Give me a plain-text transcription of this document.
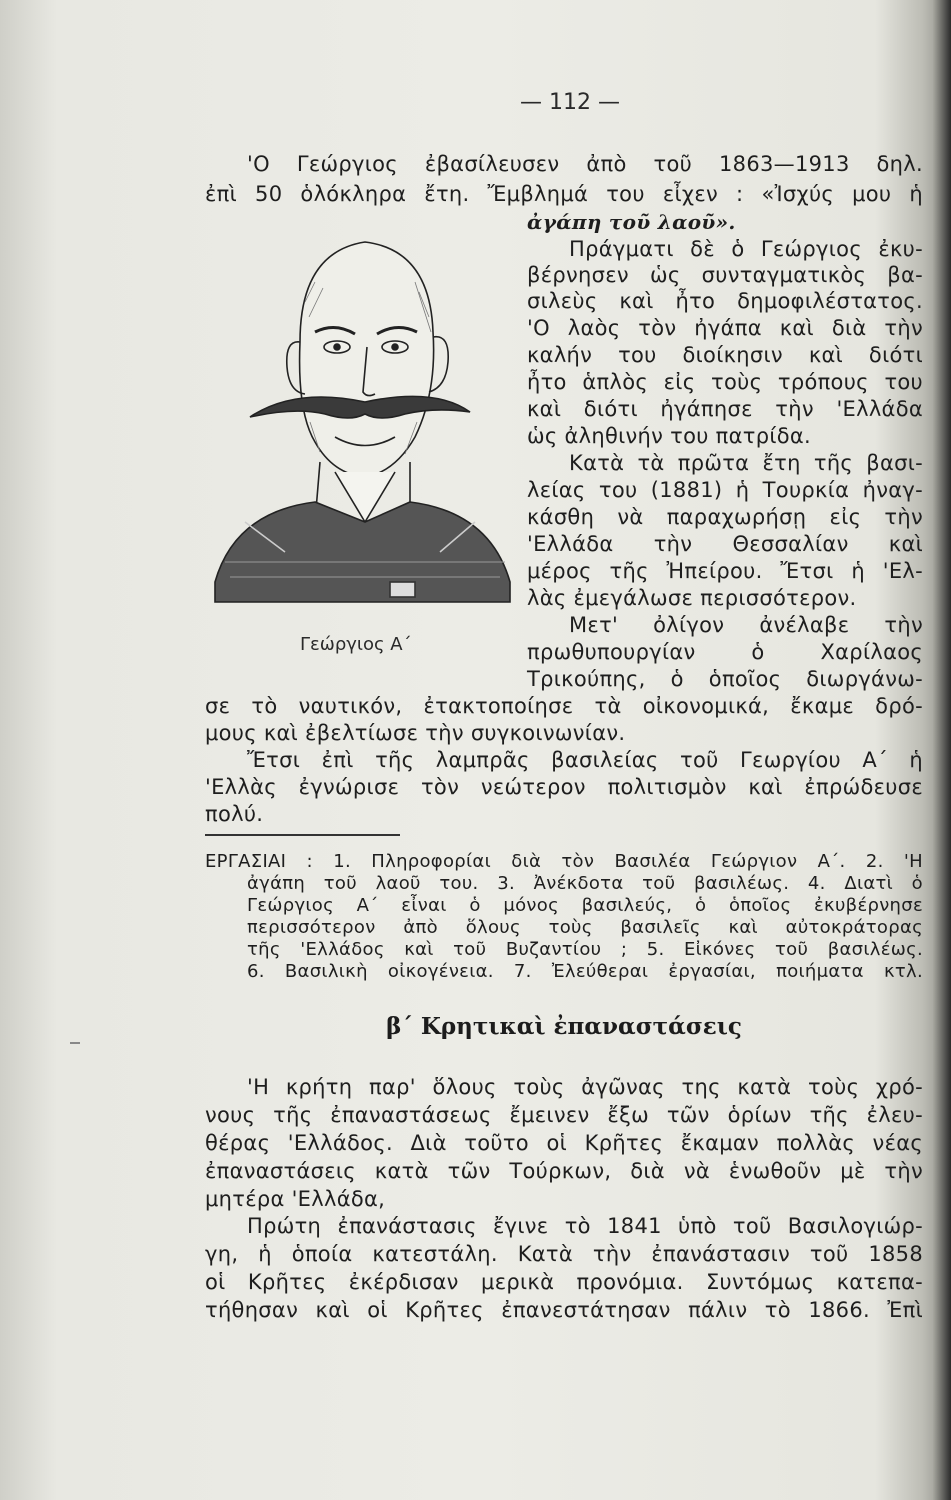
— 112 —
'Ο Γεώργιος ἐβασίλευσεν ἀπὸ τοῦ 1863—1913 δηλ.
ἐπὶ 50 ὁλόκληρα ἔτη. Ἔμβλημά του εἶχεν : «Ἰσχύς μου ἡ
ἀγάπη τοῦ λαοῦ».
Γεώργιος Α΄
Πράγματι δὲ ὁ Γεώργιος ἐκυ-
βέρνησεν ὡς συνταγματικὸς βα-
σιλεὺς καὶ ἦτο δημοφιλέστατος.
'Ο λαὸς τὸν ἠγάπα καὶ διὰ τὴν
καλήν του διοίκησιν καὶ διότι
ἦτο ἁπλὸς εἰς τοὺς τρόπους του
καὶ διότι ἠγάπησε τὴν 'Ελλάδα
ὡς ἀληθινήν του πατρίδα.
Κατὰ τὰ πρῶτα ἔτη τῆς βασι-
λείας του (1881) ἡ Τουρκία ἠναγ-
κάσθη νὰ παραχωρήσῃ εἰς τὴν
'Ελλάδα τὴν Θεσσαλίαν καὶ
μέρος τῆς Ἠπείρου. Ἔτσι ἡ 'Ελ-
λὰς ἐμεγάλωσε περισσότερον.
Μετ' ὀλίγον ἀνέλαβε τὴν
πρωθυπουργίαν ὁ Χαρίλαος
Τρικούπης, ὁ ὁποῖος διωργάνω-
σε τὸ ναυτικόν, ἐτακτοποίησε τὰ οἰκονομικά, ἔκαμε δρό-
μους καὶ ἐβελτίωσε τὴν συγκοινωνίαν.
Ἔτσι ἐπὶ τῆς λαμπρᾶς βασιλείας τοῦ Γεωργίου Α΄ ἡ
'Ελλὰς ἐγνώρισε τὸν νεώτερον πολιτισμὸν καὶ ἐπρώδευσε
πολύ.
ΕΡΓΑΣΙΑΙ : 1. Πληροφορίαι διὰ τὸν Βασιλέα Γεώργιον Α΄. 2. 'Η
ἀγάπη τοῦ λαοῦ του. 3. Ἀνέκδοτα τοῦ βασιλέως. 4. Διατὶ ὁ
Γεώργιος Α΄ εἶναι ὁ μόνος βασιλεύς, ὁ ὁποῖος ἐκυβέρνησε
περισσότερον ἀπὸ ὅλους τοὺς βασιλεῖς καὶ αὐτοκράτορας
τῆς 'Ελλάδος καὶ τοῦ Βυζαντίου ; 5. Εἰκόνες τοῦ βασιλέως.
6. Βασιλικὴ οἰκογένεια. 7. Ἐλεύθεραι ἐργασίαι, ποιήματα κτλ.
β΄ Κρητικαὶ ἐπαναστάσεις
'Η κρήτη παρ' ὅλους τοὺς ἀγῶνας της κατὰ τοὺς χρό-
νους τῆς ἐπαναστάσεως ἔμεινεν ἔξω τῶν ὁρίων τῆς ἐλευ-
θέρας 'Ελλάδος. Διὰ τοῦτο οἱ Κρῆτες ἔκαμαν πολλὰς νέας
ἐπαναστάσεις κατὰ τῶν Τούρκων, διὰ νὰ ἑνωθοῦν μὲ τὴν
μητέρα 'Ελλάδα,
Πρώτη ἐπανάστασις ἔγινε τὸ 1841 ὑπὸ τοῦ Βασιλογιώρ-
γη, ἡ ὁποία κατεστάλη. Κατὰ τὴν ἐπανάστασιν τοῦ 1858
οἱ Κρῆτες ἐκέρδισαν μερικὰ προνόμια. Συντόμως κατεπα-
τήθησαν καὶ οἱ Κρῆτες ἐπανεστάτησαν πάλιν τὸ 1866. Ἐπὶ
